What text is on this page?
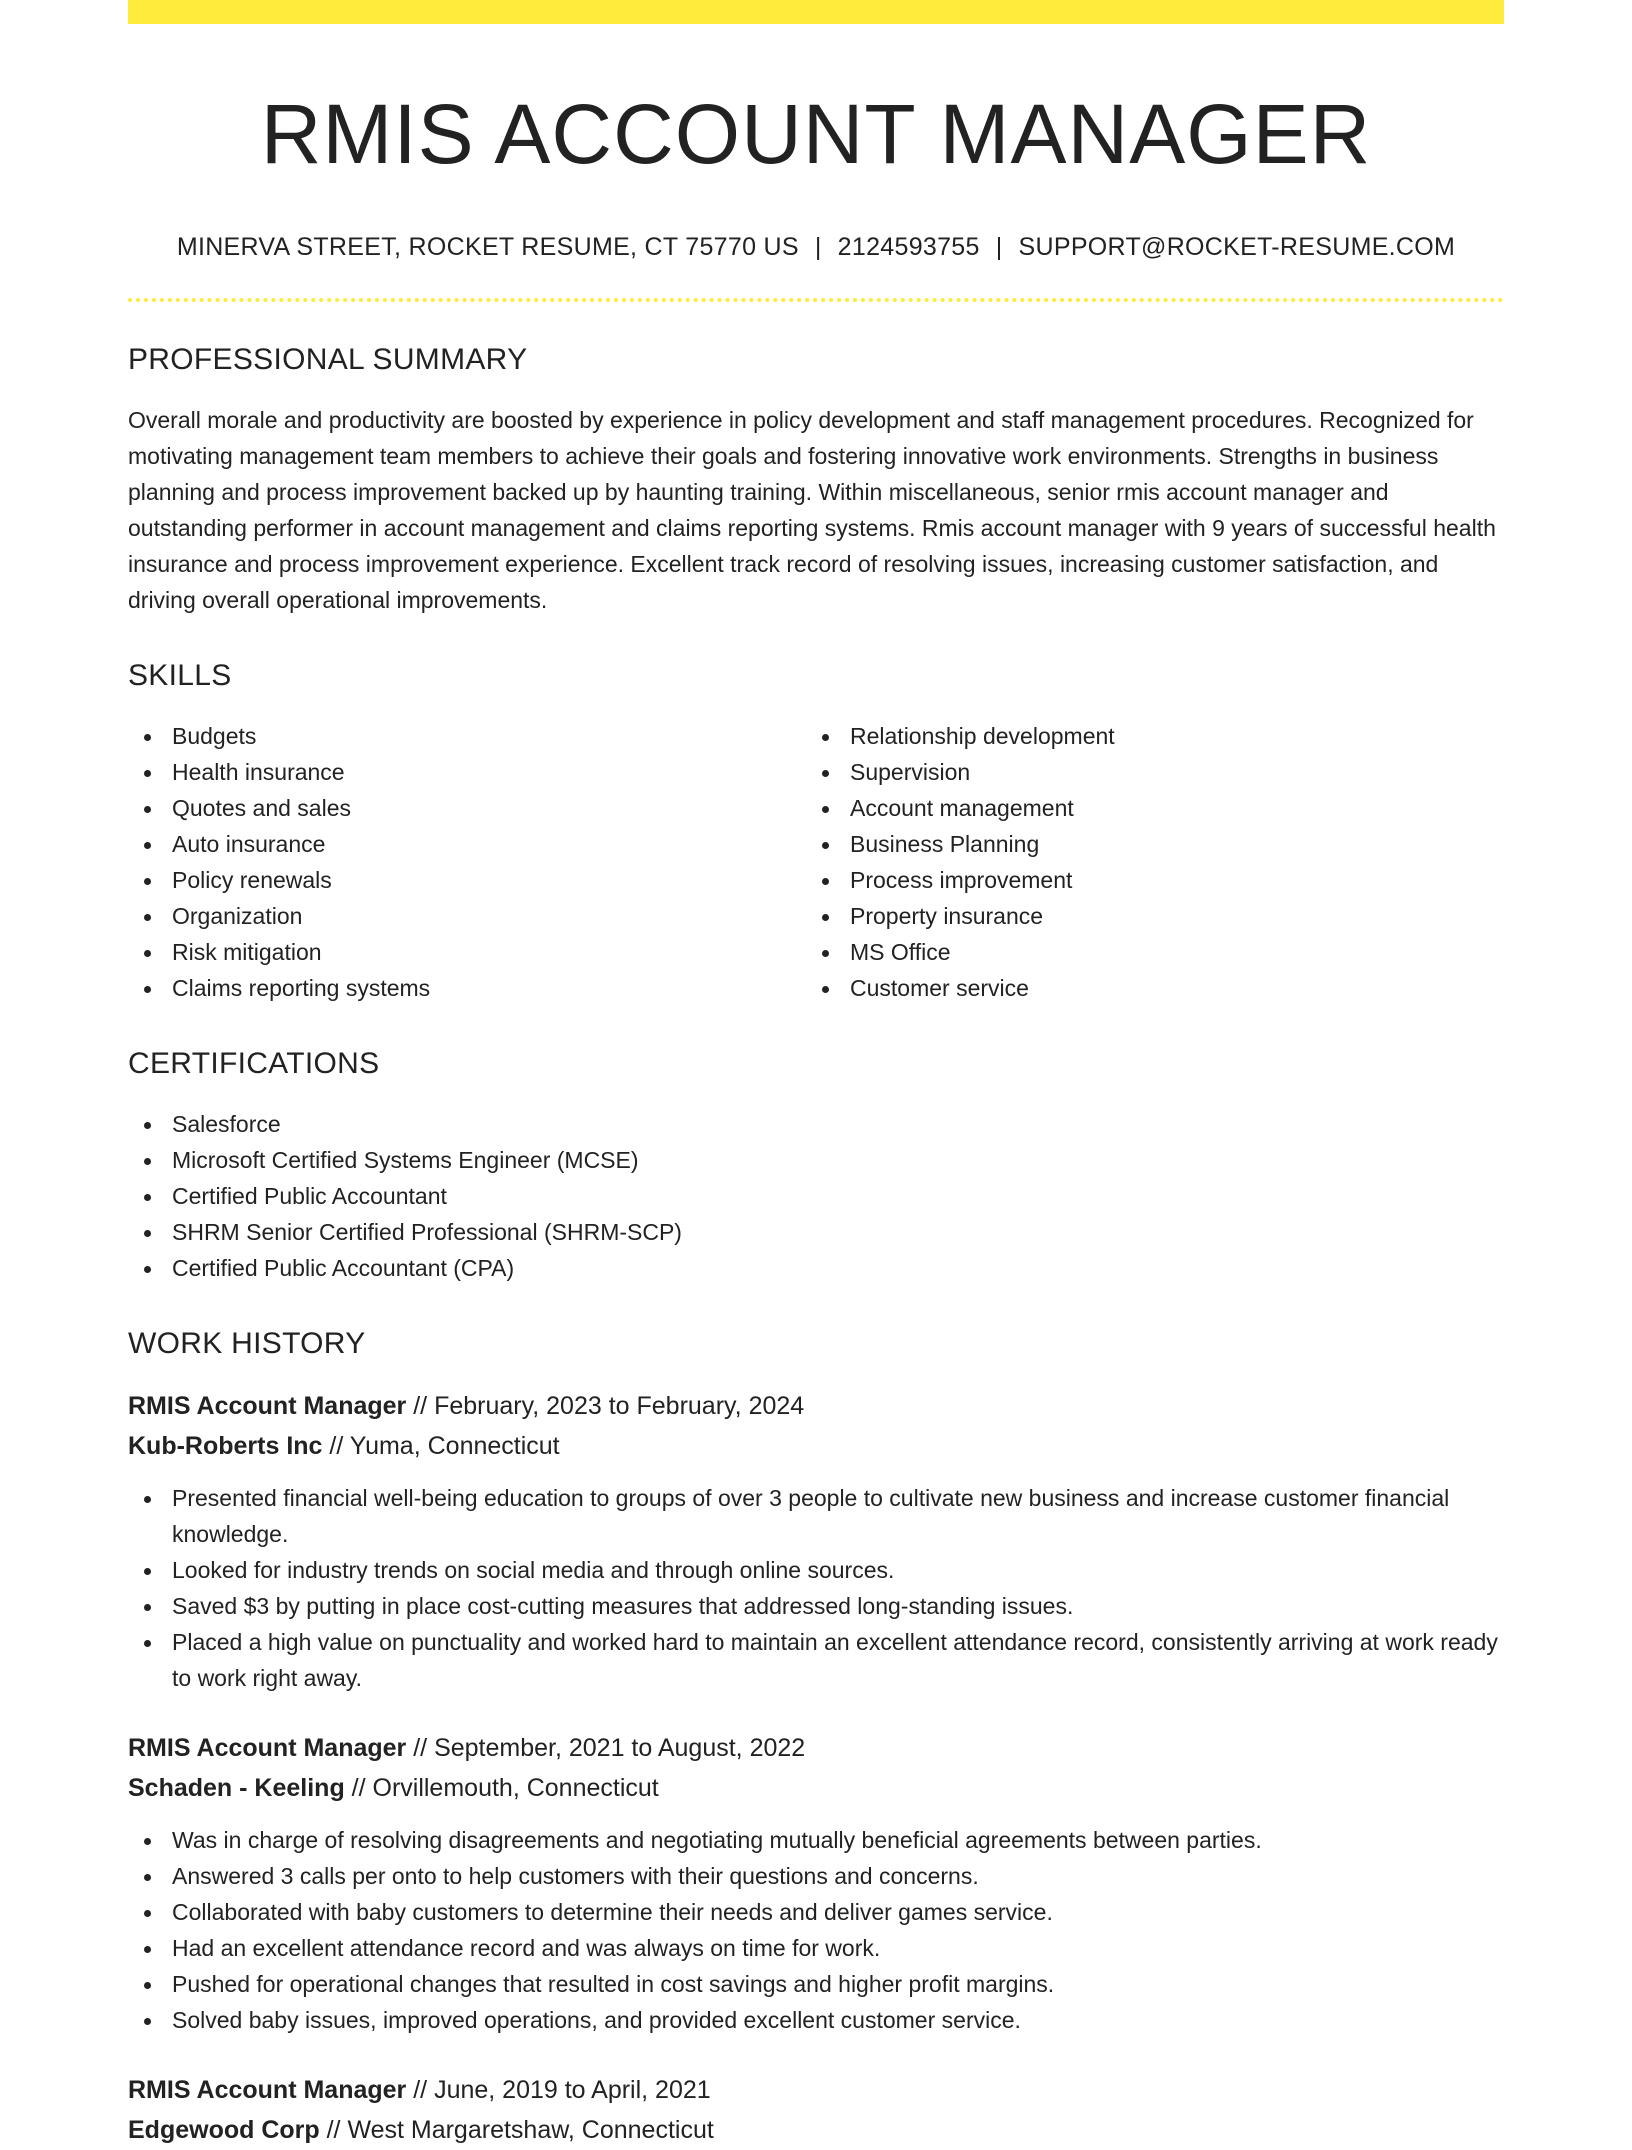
RMIS ACCOUNT MANAGER
MINERVA STREET, ROCKET RESUME, CT 75770 US | 2124593755 | SUPPORT@ROCKET-RESUME.COM
PROFESSIONAL SUMMARY

Overall morale and productivity are boosted by experience in policy development and staff management procedures. Recognized for motivating management team members to achieve their goals and fostering innovative work environments. Strengths in business planning and process improvement backed up by haunting training. Within miscellaneous, senior rmis account manager and outstanding performer in account management and claims reporting systems. Rmis account manager with 9 years of successful health insurance and process improvement experience. Excellent track record of resolving issues, increasing customer satisfaction, and driving overall operational improvements.

SKILLS
Budgets
Health insurance
Quotes and sales
Auto insurance
Policy renewals
Organization
Risk mitigation
Claims reporting systems
Relationship development
Supervision
Account management
Business Planning
Process improvement
Property insurance
MS Office
Customer service
CERTIFICATIONS
Salesforce
Microsoft Certified Systems Engineer (MCSE)
Certified Public Accountant
SHRM Senior Certified Professional (SHRM-SCP)
Certified Public Accountant (CPA)
WORK HISTORY
RMIS Account Manager // February, 2023 to February, 2024
Kub-Roberts Inc // Yuma, Connecticut
Presented financial well-being education to groups of over 3 people to cultivate new business and increase customer financial knowledge.
Looked for industry trends on social media and through online sources.
Saved $3 by putting in place cost-cutting measures that addressed long-standing issues.
Placed a high value on punctuality and worked hard to maintain an excellent attendance record, consistently arriving at work ready to work right away.
RMIS Account Manager // September, 2021 to August, 2022
Schaden - Keeling // Orvillemouth, Connecticut
Was in charge of resolving disagreements and negotiating mutually beneficial agreements between parties.
Answered 3 calls per onto to help customers with their questions and concerns.
Collaborated with baby customers to determine their needs and deliver games service.
Had an excellent attendance record and was always on time for work.
Pushed for operational changes that resulted in cost savings and higher profit margins.
Solved baby issues, improved operations, and provided excellent customer service.
RMIS Account Manager // June, 2019 to April, 2021
Edgewood Corp // West Margaretshaw, Connecticut
